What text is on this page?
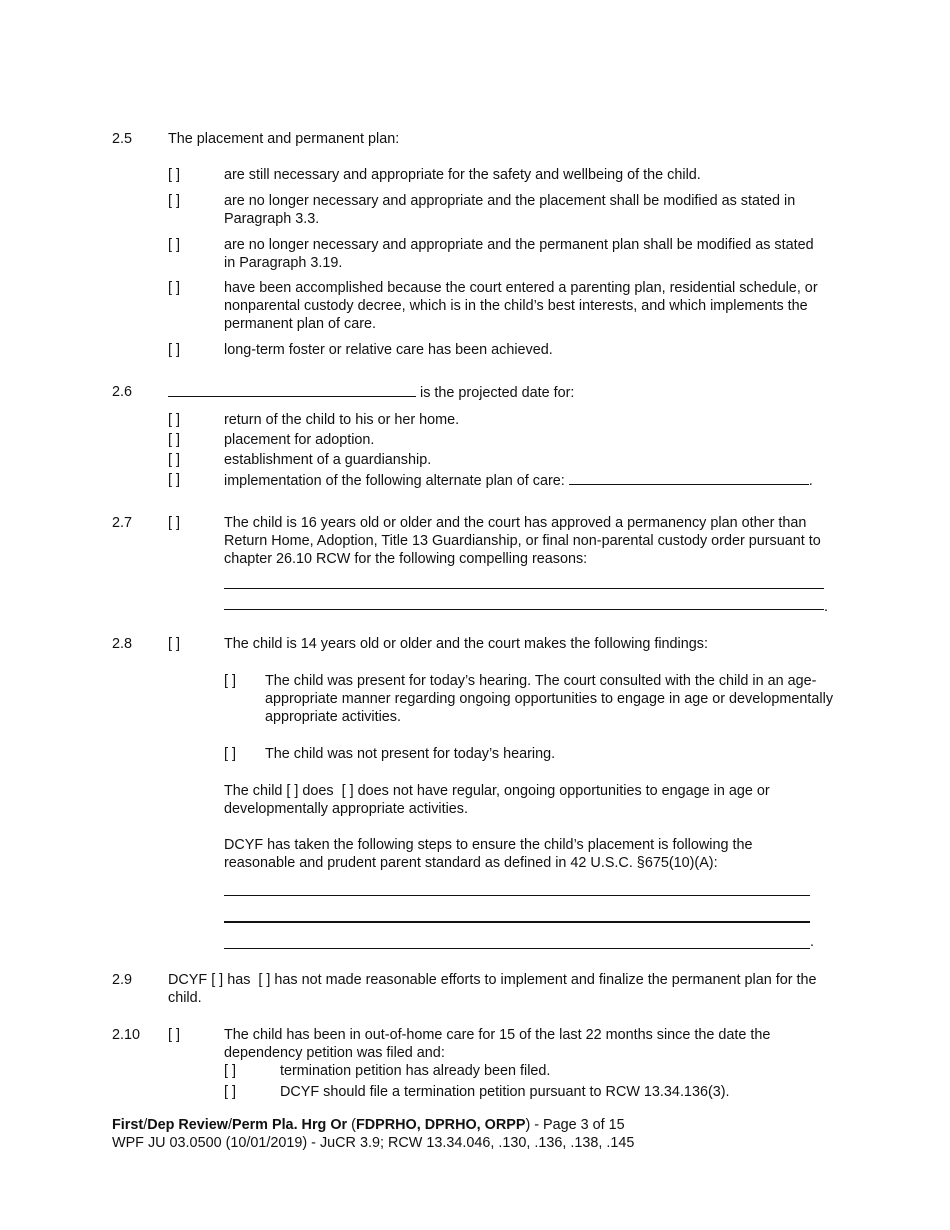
2.5 The placement and permanent plan:
[ ]	are still necessary and appropriate for the safety and wellbeing of the child.
[ ]	are no longer necessary and appropriate and the placement shall be modified as stated in Paragraph 3.3.
[ ]	are no longer necessary and appropriate and the permanent plan shall be modified as stated in Paragraph 3.19.
[ ]	have been accomplished because the court entered a parenting plan, residential schedule, or nonparental custody decree, which is in the child’s best interests, and which implements the permanent plan of care.
[ ]	long-term foster or relative care has been achieved.
2.6	is the projected date for:
[ ]	return of the child to his or her home.
[ ]	placement for adoption.
[ ]	establishment of a guardianship.
[ ]	implementation of the following alternate plan of care:	.
2.7 [ ]	The child is 16 years old or older and the court has approved a permanency plan other than Return Home, Adoption, Title 13 Guardianship, or final non-parental custody order pursuant to chapter 26.10 RCW for the following compelling reasons:
.
2.8 [ ]	The child is 14 years old or older and the court makes the following findings:
[ ] The child was present for today’s hearing. The court consulted with the child in an age-appropriate manner regarding ongoing opportunities to engage in age or developmentally appropriate activities.
[ ] The child was not present for today’s hearing.
The child [ ] does [ ] does not have regular, ongoing opportunities to engage in age or developmentally appropriate activities.
DCYF has taken the following steps to ensure the child’s placement is following the reasonable and prudent parent standard as defined in 42 U.S.C. §675(10)(A):
.
2.9 DCYF [ ] has [ ] has not made reasonable efforts to implement and finalize the permanent plan for the child.
2.10 [ ]	The child has been in out-of-home care for 15 of the last 22 months since the date the dependency petition was filed and:
[ ]	termination petition has already been filed.
[ ]	DCYF should file a termination petition pursuant to RCW 13.34.136(3).
First/Dep Review/Perm Pla. Hrg Or (FDPRHO, DPRHO, ORPP) - Page 3 of 15
WPF JU 03.0500 (10/01/2019) - JuCR 3.9; RCW 13.34.046, .130, .136, .138, .145
